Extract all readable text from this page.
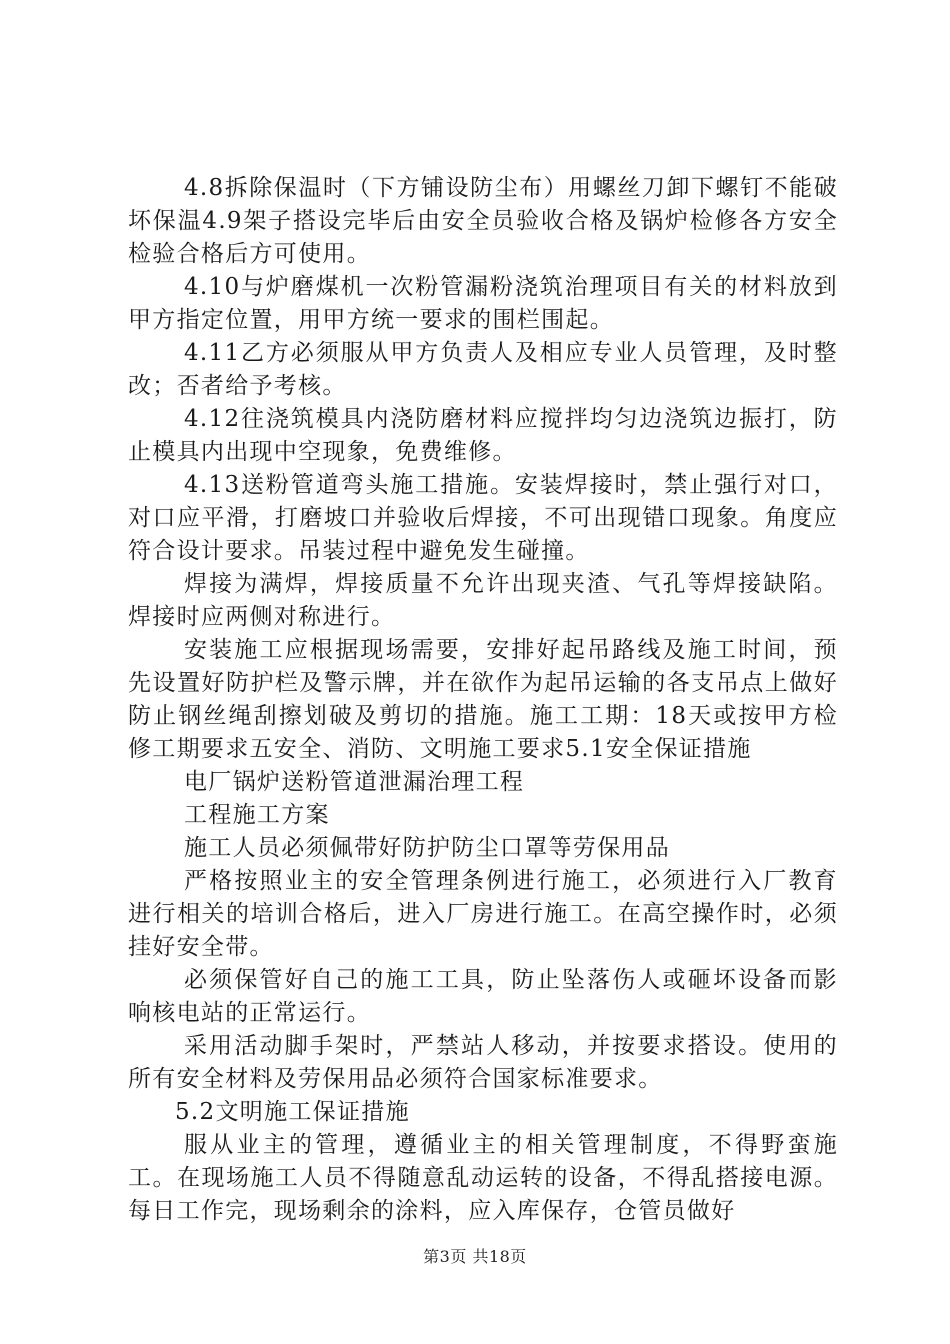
4.8拆除保温时（下方铺设防尘布）用螺丝刀卸下螺钉不能破坏保温4.9架子搭设完毕后由安全员验收合格及锅炉检修各方安全检验合格后方可使用。

4.10与炉磨煤机一次粉管漏粉浇筑治理项目有关的材料放到甲方指定位置，用甲方统一要求的围栏围起。

4.11乙方必须服从甲方负责人及相应专业人员管理，及时整改；否者给予考核。

4.12往浇筑模具内浇防磨材料应搅拌均匀边浇筑边振打，防止模具内出现中空现象，免费维修。

4.13送粉管道弯头施工措施。安装焊接时，禁止强行对口，对口应平滑，打磨坡口并验收后焊接，不可出现错口现象。角度应符合设计要求。吊装过程中避免发生碰撞。

焊接为满焊，焊接质量不允许出现夹渣、气孔等焊接缺陷。焊接时应两侧对称进行。

安装施工应根据现场需要，安排好起吊路线及施工时间，预先设置好防护栏及警示牌，并在欲作为起吊运输的各支吊点上做好防止钢丝绳刮擦划破及剪切的措施。施工工期：18天或按甲方检修工期要求五安全、消防、文明施工要求5.1安全保证措施

电厂锅炉送粉管道泄漏治理工程

工程施工方案

施工人员必须佩带好防护防尘口罩等劳保用品

严格按照业主的安全管理条例进行施工，必须进行入厂教育进行相关的培训合格后，进入厂房进行施工。在高空操作时，必须挂好安全带。

必须保管好自己的施工工具，防止坠落伤人或砸坏设备而影响核电站的正常运行。

采用活动脚手架时，严禁站人移动，并按要求搭设。使用的所有安全材料及劳保用品必须符合国家标准要求。

5.2文明施工保证措施

服从业主的管理，遵循业主的相关管理制度，不得野蛮施工。在现场施工人员不得随意乱动运转的设备，不得乱搭接电源。每日工作完，现场剩余的涂料，应入库保存，仓管员做好

第3页 共18页
